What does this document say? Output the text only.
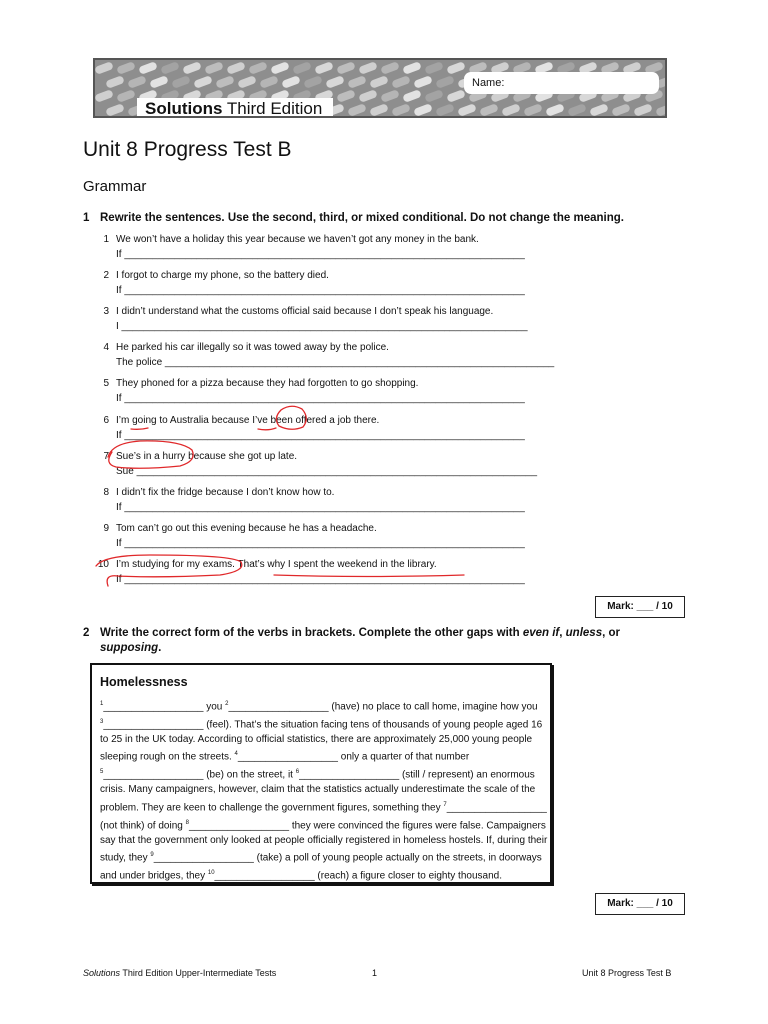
Solutions Third Edition
Name:
Unit 8 Progress Test B
Grammar
1 Rewrite the sentences. Use the second, third, or mixed conditional. Do not change the meaning.
1 We won’t have a holiday this year because we haven’t got any money in the bank.
If ________________________________________________________________________
2 I forgot to charge my phone, so the battery died.
If ________________________________________________________________________
3 I didn’t understand what the customs official said because I don’t speak his language.
I _________________________________________________________________________
4 He parked his car illegally so it was towed away by the police.
The police ______________________________________________________________________
5 They phoned for a pizza because they had forgotten to go shopping.
If ________________________________________________________________________
6 I’m going to Australia because I’ve been offered a job there.
If ________________________________________________________________________
7 Sue’s in a hurry because she got up late.
Sue ________________________________________________________________________
8 I didn’t fix the fridge because I don’t know how to.
If ________________________________________________________________________
9 Tom can’t go out this evening because he has a headache.
If ________________________________________________________________________
10 I’m studying for my exams. That’s why I spent the weekend in the library.
If ________________________________________________________________________
Mark: ___ / 10
2 Write the correct form of the verbs in brackets. Complete the other gaps with even if, unless, or
supposing.
Homelessness
$^1$__________________ you $^2$__________________ (have) no place to call home, imagine how you $^3$__________________ (feel). That’s the situation facing tens of thousands of young people aged 16 to 25 in the UK today. According to official statistics, there are approximately 25,000 young people sleeping rough on the streets. $^4$__________________ only a quarter of that number $^5$__________________ (be) on the street, it $^6$__________________ (still / represent) an enormous crisis. Many campaigners, however, claim that the statistics actually underestimate the scale of the problem. They are keen to challenge the government figures, something they $^7$__________________ (not think) of doing $^8$__________________ they were convinced the figures were false. Campaigners say that the government only looked at people officially registered in homeless hostels. If, during their study, they $^9$__________________ (take) a poll of young people actually on the streets, in doorways and under bridges, they $^{10}$__________________ (reach) a figure closer to eighty thousand.
Mark: ___ / 10
Solutions Third Edition Upper-Intermediate Tests	1	Unit 8 Progress Test B
